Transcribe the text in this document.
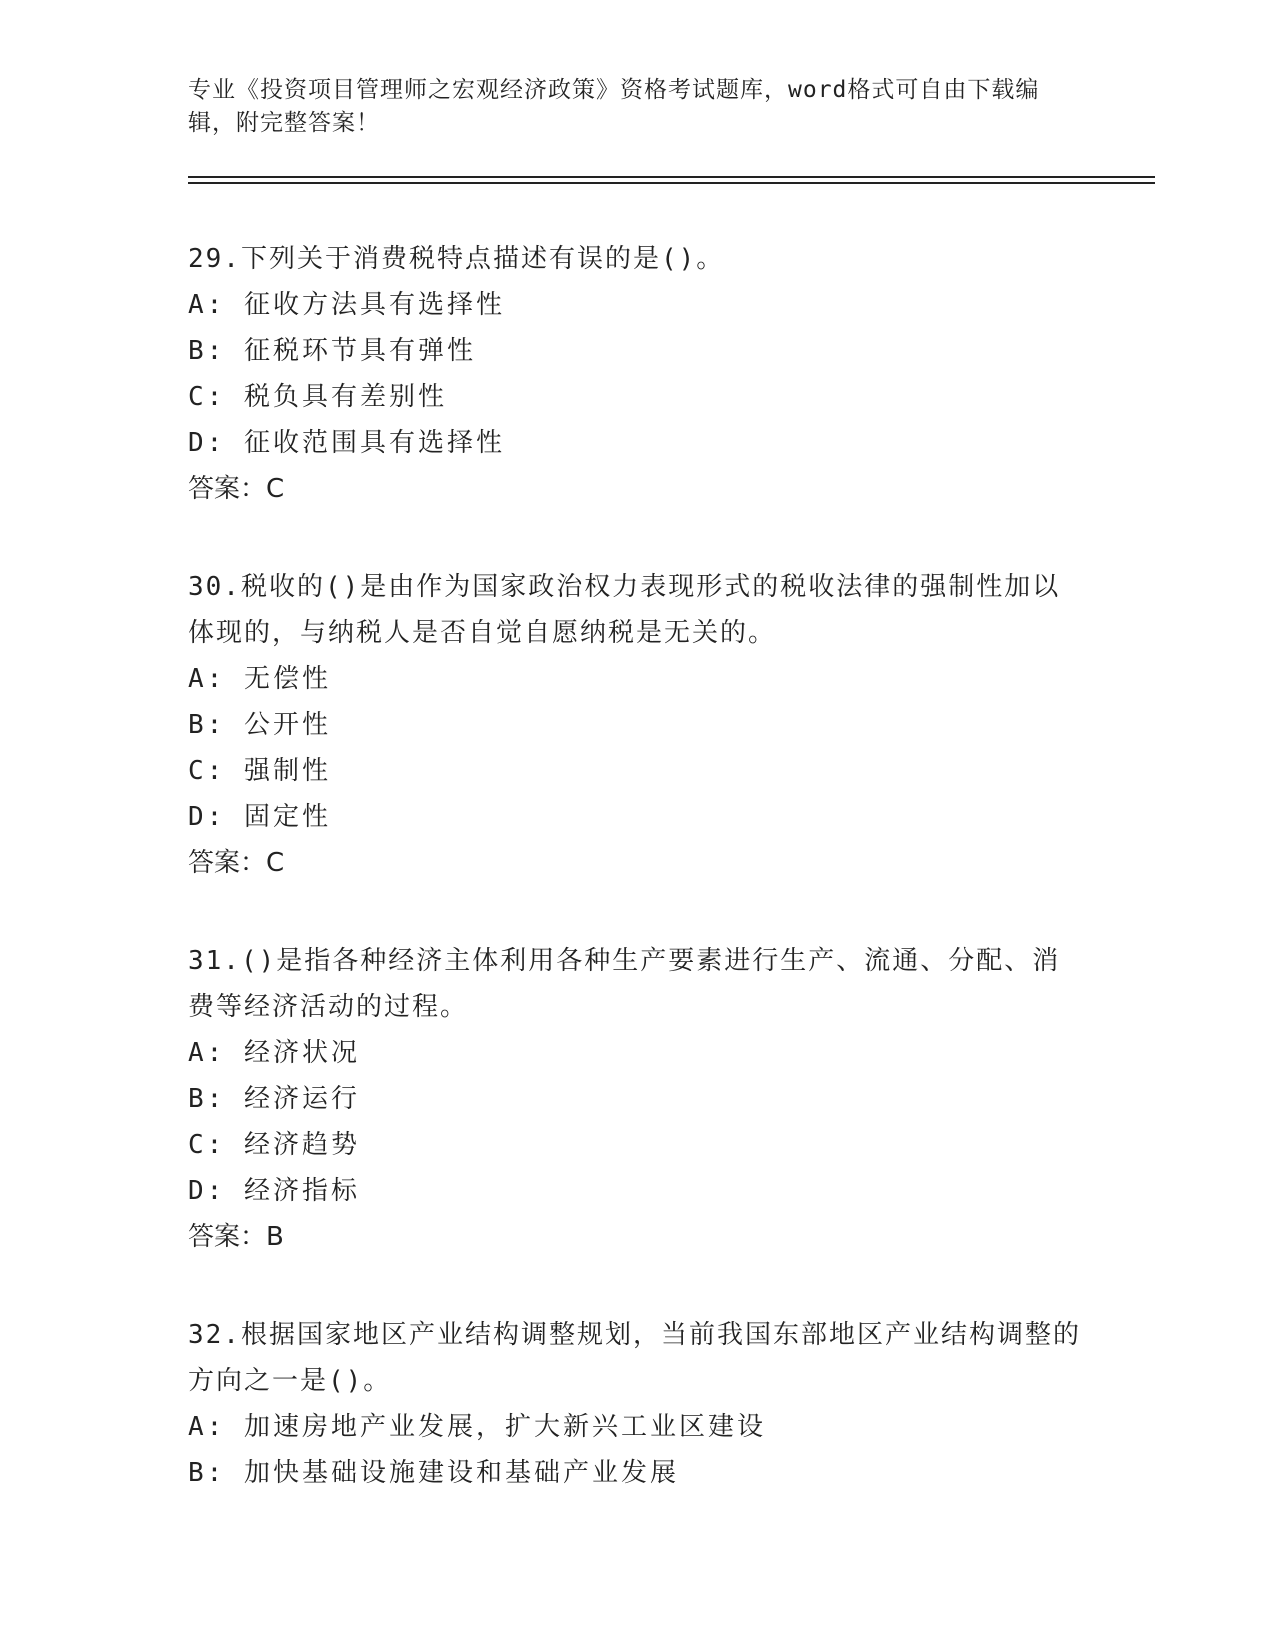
专业《投资项目管理师之宏观经济政策》资格考试题库，word格式可自由下载编辑，附完整答案！

29.下列关于消费税特点描述有误的是()。

A: 征收方法具有选择性

B: 征税环节具有弹性

C: 税负具有差别性

D: 征收范围具有选择性

答案：C

30.税收的()是由作为国家政治权力表现形式的税收法律的强制性加以体现的，与纳税人是否自觉自愿纳税是无关的。

A: 无偿性

B: 公开性

C: 强制性

D: 固定性

答案：C

31.()是指各种经济主体利用各种生产要素进行生产、流通、分配、消费等经济活动的过程。

A: 经济状况

B: 经济运行

C: 经济趋势

D: 经济指标

答案：B

32.根据国家地区产业结构调整规划，当前我国东部地区产业结构调整的方向之一是()。

A: 加速房地产业发展，扩大新兴工业区建设

B: 加快基础设施建设和基础产业发展
